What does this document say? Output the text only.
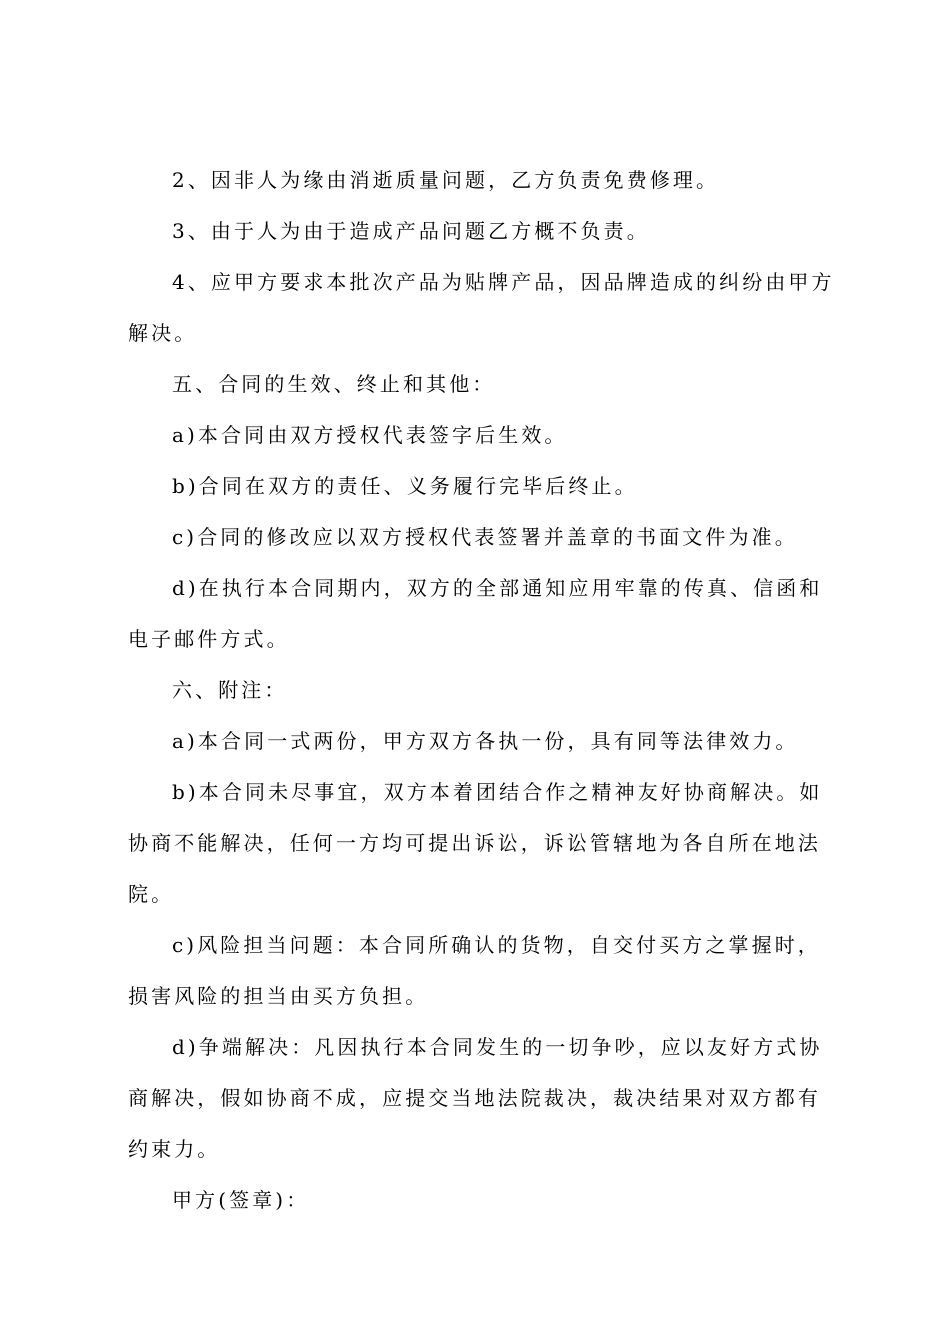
2、因非人为缘由消逝质量问题，乙方负责免费修理。

3、由于人为由于造成产品问题乙方概不负责。

4、应甲方要求本批次产品为贴牌产品，因品牌造成的纠纷由甲方解决。

五、合同的生效、终止和其他：

a)本合同由双方授权代表签字后生效。

b)合同在双方的责任、义务履行完毕后终止。

c)合同的修改应以双方授权代表签署并盖章的书面文件为准。

d)在执行本合同期内，双方的全部通知应用牢靠的传真、信函和电子邮件方式。

六、附注：

a)本合同一式两份，甲方双方各执一份，具有同等法律效力。

b)本合同未尽事宜，双方本着团结合作之精神友好协商解决。如协商不能解决，任何一方均可提出诉讼，诉讼管辖地为各自所在地法院。

c)风险担当问题：本合同所确认的货物，自交付买方之掌握时，损害风险的担当由买方负担。

d)争端解决：凡因执行本合同发生的一切争吵，应以友好方式协商解决，假如协商不成，应提交当地法院裁决，裁决结果对双方都有约束力。

甲方(签章)：
